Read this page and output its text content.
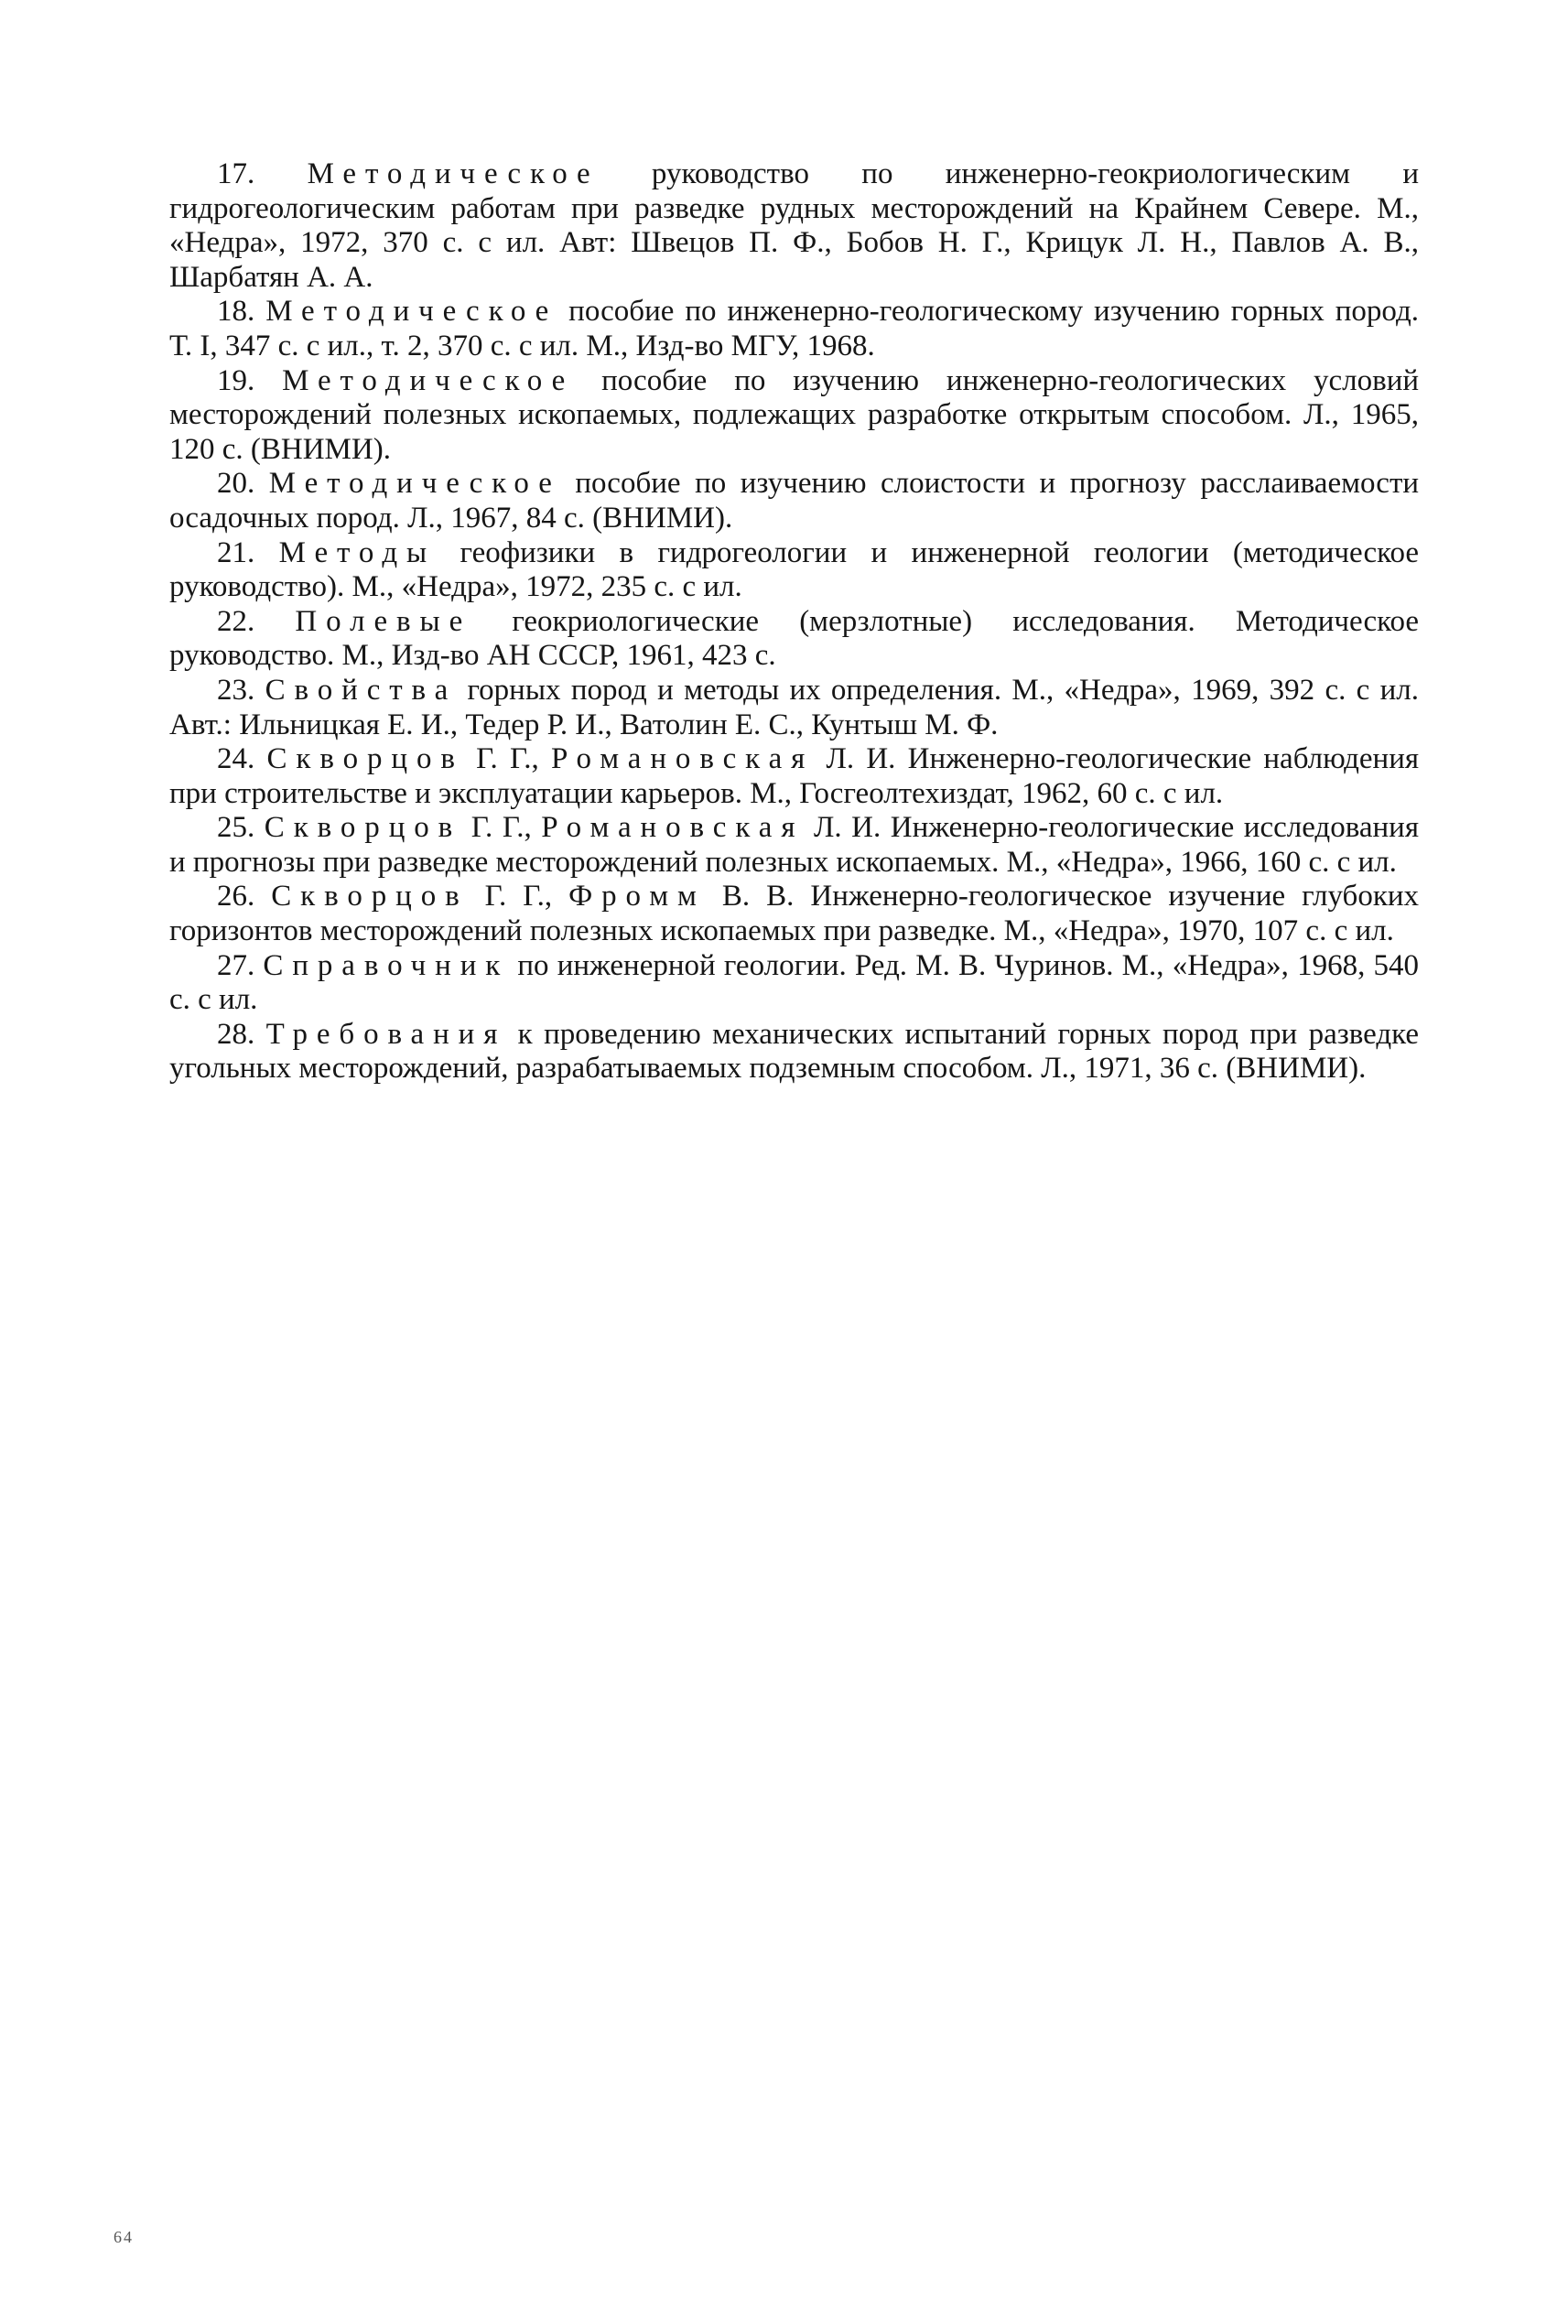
17. Методическое руководство по инженерно-геокриологическим и гидрогеологическим работам при разведке рудных месторождений на Крайнем Севере. М., «Недра», 1972, 370 с. с ил. Авт: Швецов П. Ф., Бобов Н. Г., Крицук Л. Н., Павлов А. В., Шарбатян А. А.

18. Методическое пособие по инженерно-геологическому изучению горных пород. Т. I, 347 с. с ил., т. 2, 370 с. с ил. М., Изд-во МГУ, 1968.

19. Методическое пособие по изучению инженерно-геологических условий месторождений полезных ископаемых, подлежащих разработке открытым способом. Л., 1965, 120 с. (ВНИМИ).

20. Методическое пособие по изучению слоистости и прогнозу расслаиваемости осадочных пород. Л., 1967, 84 с. (ВНИМИ).

21. Методы геофизики в гидрогеологии и инженерной геологии (методическое руководство). М., «Недра», 1972, 235 с. с ил.

22. Полевые геокриологические (мерзлотные) исследования. Методическое руководство. М., Изд-во АН СССР, 1961, 423 с.

23. Свойства горных пород и методы их определения. М., «Недра», 1969, 392 с. с ил. Авт.: Ильницкая Е. И., Тедер Р. И., Ватолин Е. С., Кунтыш М. Ф.

24. Скворцов Г. Г., Романовская Л. И. Инженерно-геологические наблюдения при строительстве и эксплуатации карьеров. М., Госгеолтехиздат, 1962, 60 с. с ил.

25. Скворцов Г. Г., Романовская Л. И. Инженерно-геологические исследования и прогнозы при разведке месторождений полезных ископаемых. М., «Недра», 1966, 160 с. с ил.

26. Скворцов Г. Г., Фромм В. В. Инженерно-геологическое изучение глубоких горизонтов месторождений полезных ископаемых при разведке. М., «Недра», 1970, 107 с. с ил.

27. Справочник по инженерной геологии. Ред. М. В. Чуринов. М., «Недра», 1968, 540 с. с ил.

28. Требования к проведению механических испытаний горных пород при разведке угольных месторождений, разрабатываемых подземным способом. Л., 1971, 36 с. (ВНИМИ).

64
